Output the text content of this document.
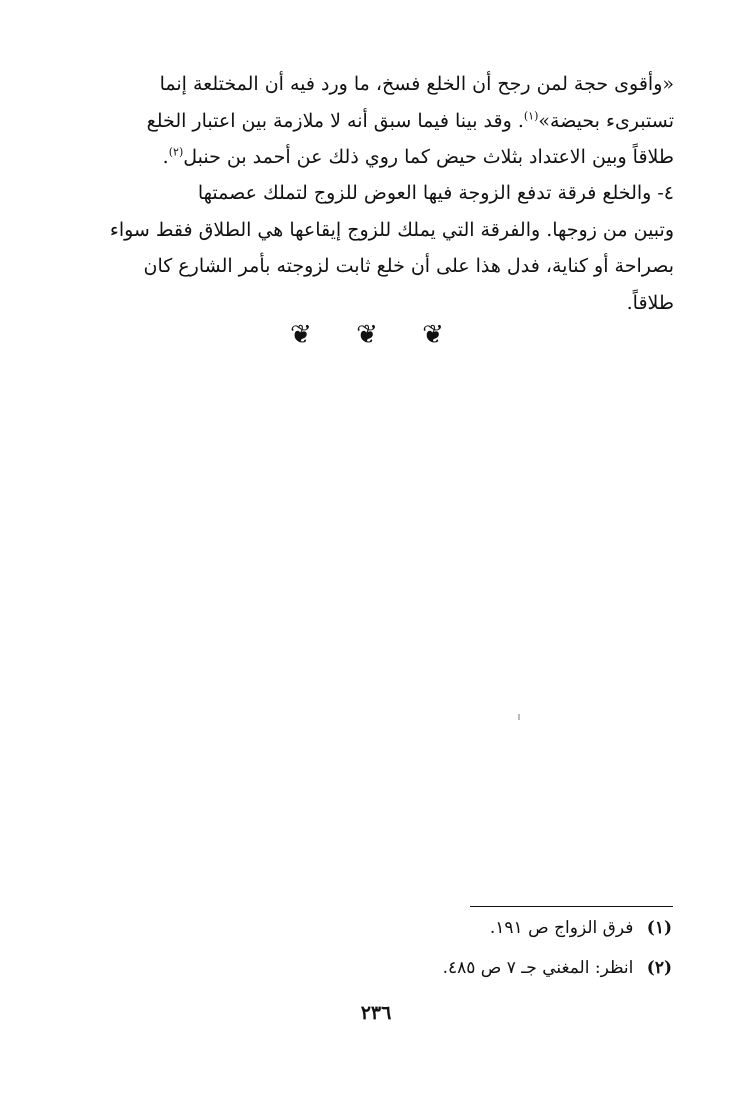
«وأقوى حجة لمن رجح أن الخلع فسخ، ما ورد فيه أن المختلعة إنما
تستبرىء بحيضة»$^{(١)}$. وقد بينا فيما سبق أنه لا ملازمة بين اعتبار الخلع
طلاقاً وبين الاعتداد بثلاث حيض كما روي ذلك عن أحمد بن حنبل$^{(٢)}$.
٤- والخلع فرقة تدفع الزوجة فيها العوض للزوج لتملك عصمتها
وتبين من زوجها. والفرقة التي يملك للزوج إيقاعها هي الطلاق فقط سواء
بصراحة أو كناية، فدل هذا على أن خلع ثابت لزوجته بأمر الشارع كان
طلاقاً.
❦ ❦ ❦
(١) فرق الزواج ص ١٩١.
(٢) انظر: المغني جـ ٧ ص ٤٨٥.
٢٣٦
